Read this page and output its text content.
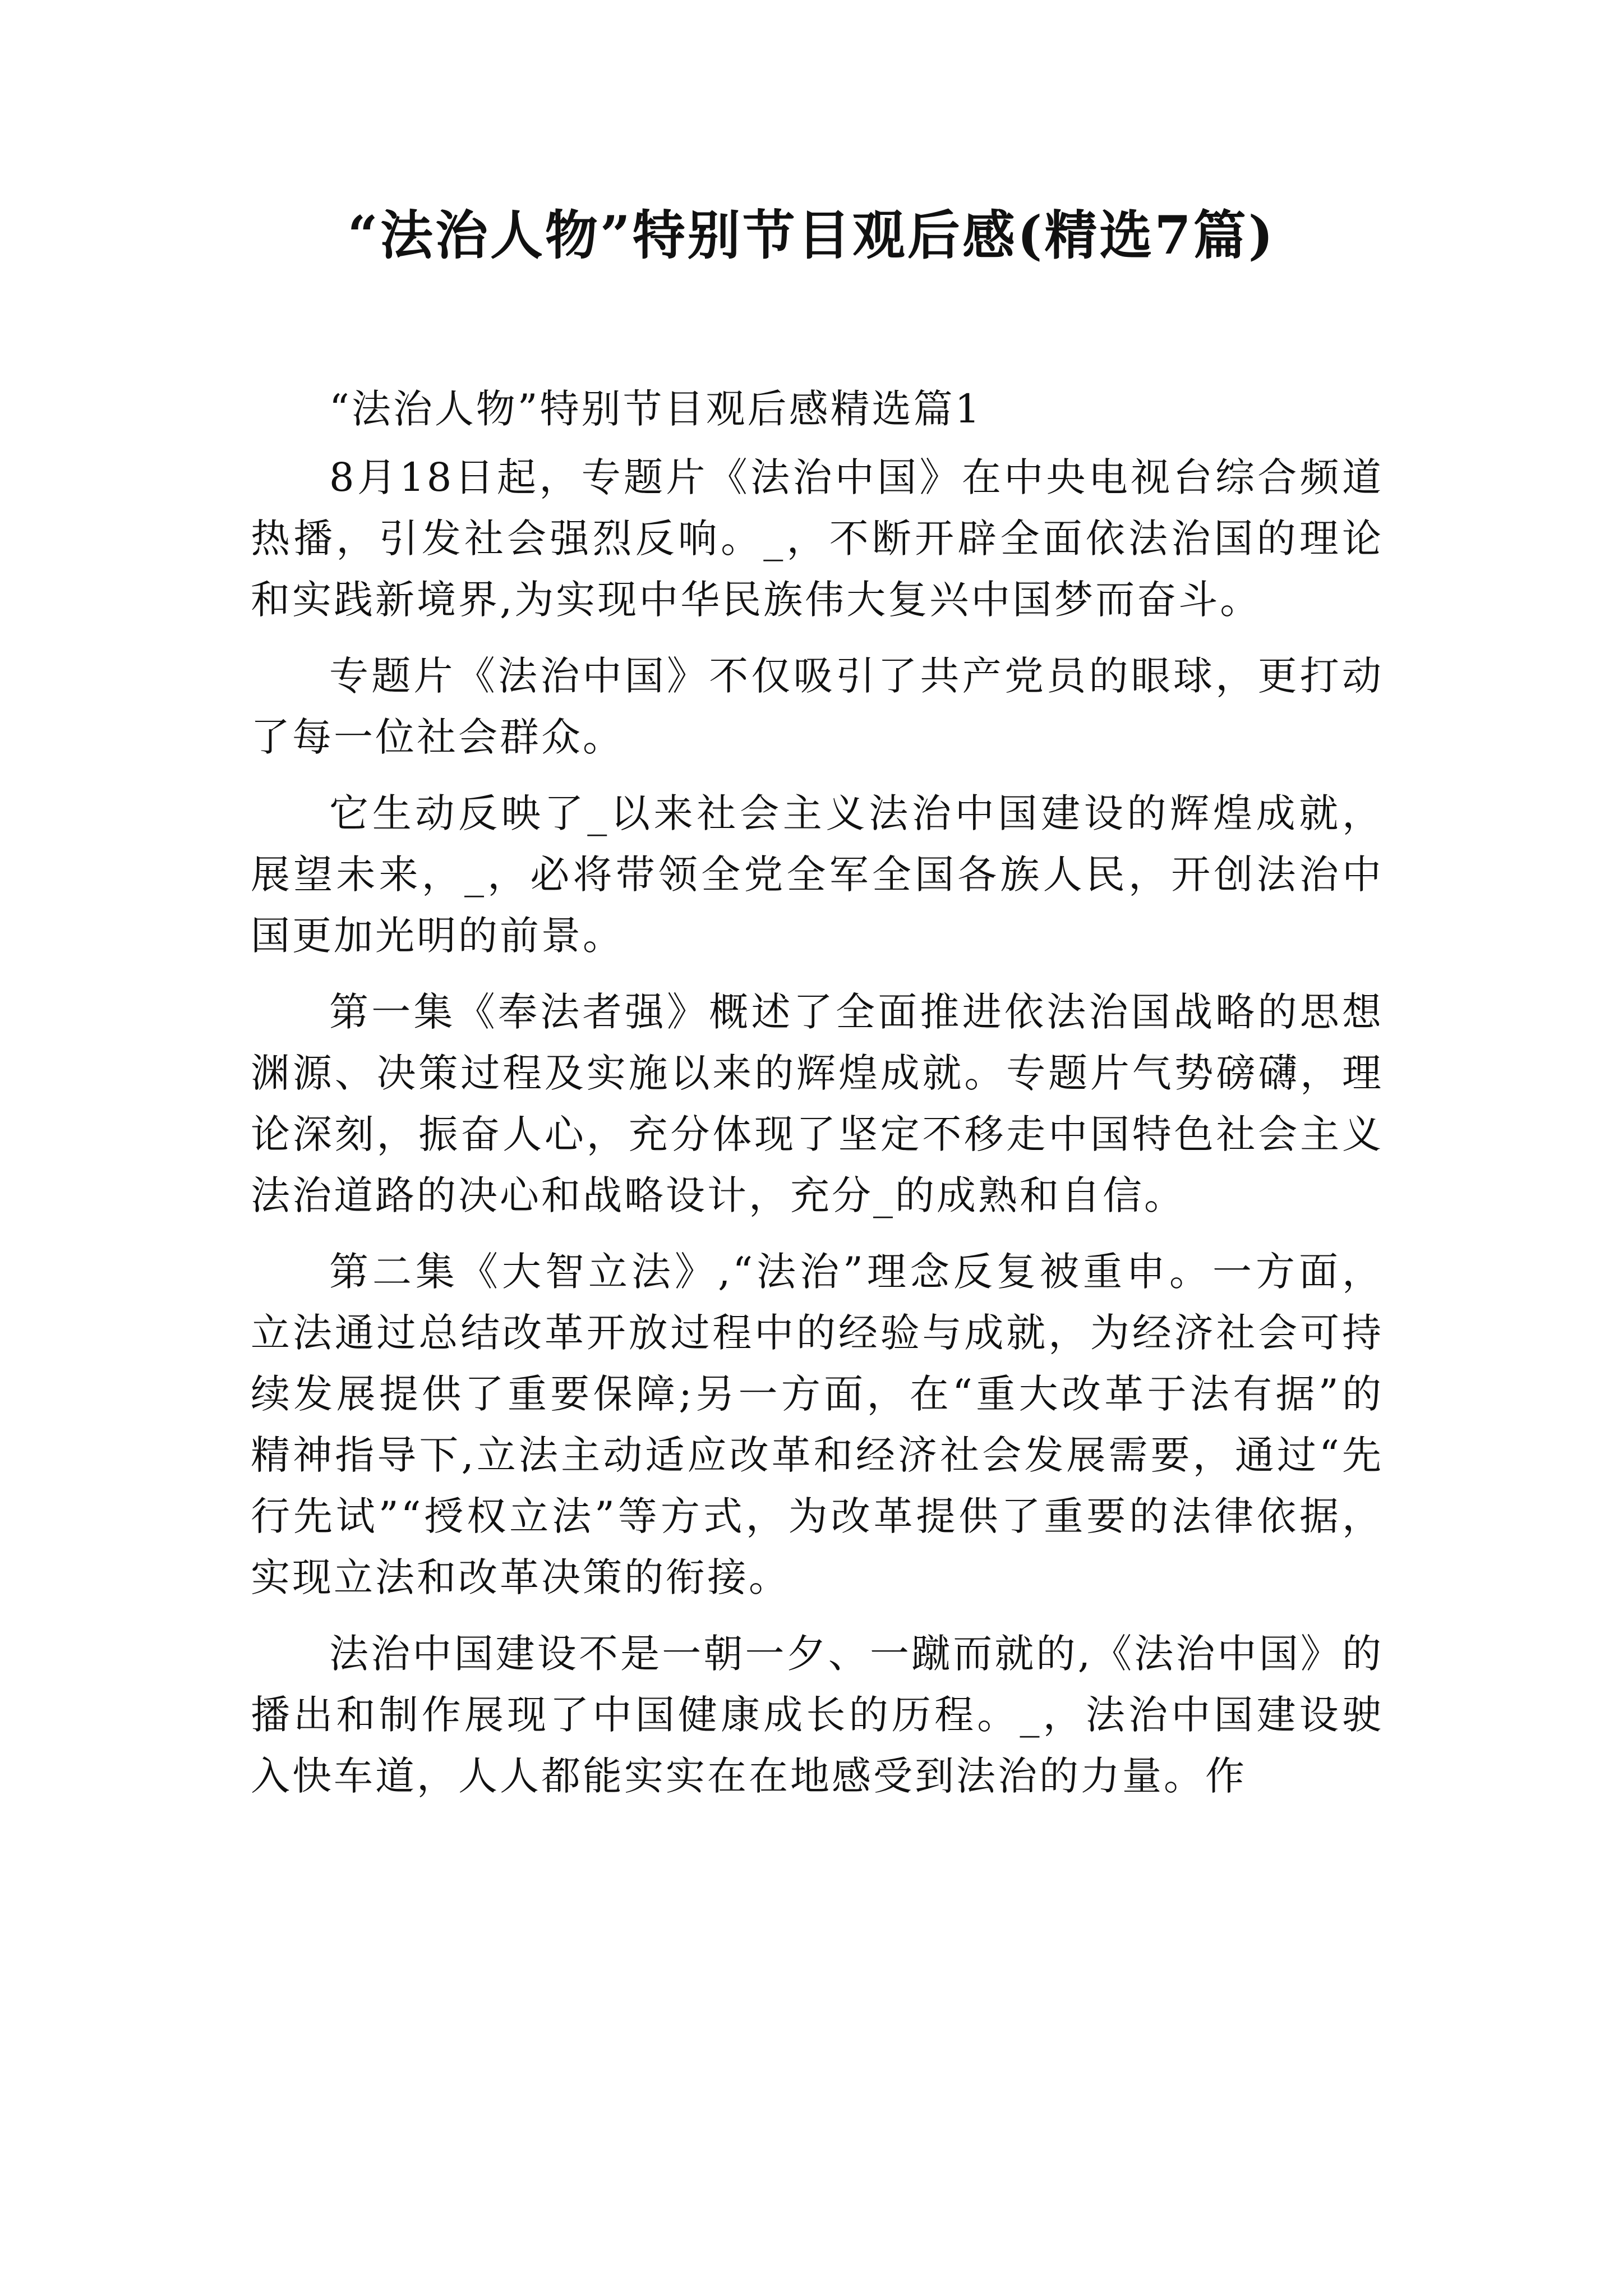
“法治人物”特别节目观后感(精选7篇)

“法治人物”特别节目观后感精选篇1

8月18日起，专题片《法治中国》在中央电视台综合频道热播，引发社会强烈反响。_，不断开辟全面依法治国的理论和实践新境界,为实现中华民族伟大复兴中国梦而奋斗。

专题片《法治中国》不仅吸引了共产党员的眼球，更打动了每一位社会群众。

它生动反映了_以来社会主义法治中国建设的辉煌成就，展望未来，_，必将带领全党全军全国各族人民，开创法治中国更加光明的前景。

第一集《奉法者强》概述了全面推进依法治国战略的思想渊源、决策过程及实施以来的辉煌成就。专题片气势磅礴，理论深刻，振奋人心，充分体现了坚定不移走中国特色社会主义法治道路的决心和战略设计，充分_的成熟和自信。

第二集《大智立法》,“法治”理念反复被重申。一方面，立法通过总结改革开放过程中的经验与成就，为经济社会可持续发展提供了重要保障;另一方面，在“重大改革于法有据”的精神指导下,立法主动适应改革和经济社会发展需要，通过“先行先试”“授权立法”等方式，为改革提供了重要的法律依据，实现立法和改革决策的衔接。

法治中国建设不是一朝一夕、一蹴而就的,《法治中国》的播出和制作展现了中国健康成长的历程。_，法治中国建设驶入快车道，人人都能实实在在地感受到法治的力量。作
